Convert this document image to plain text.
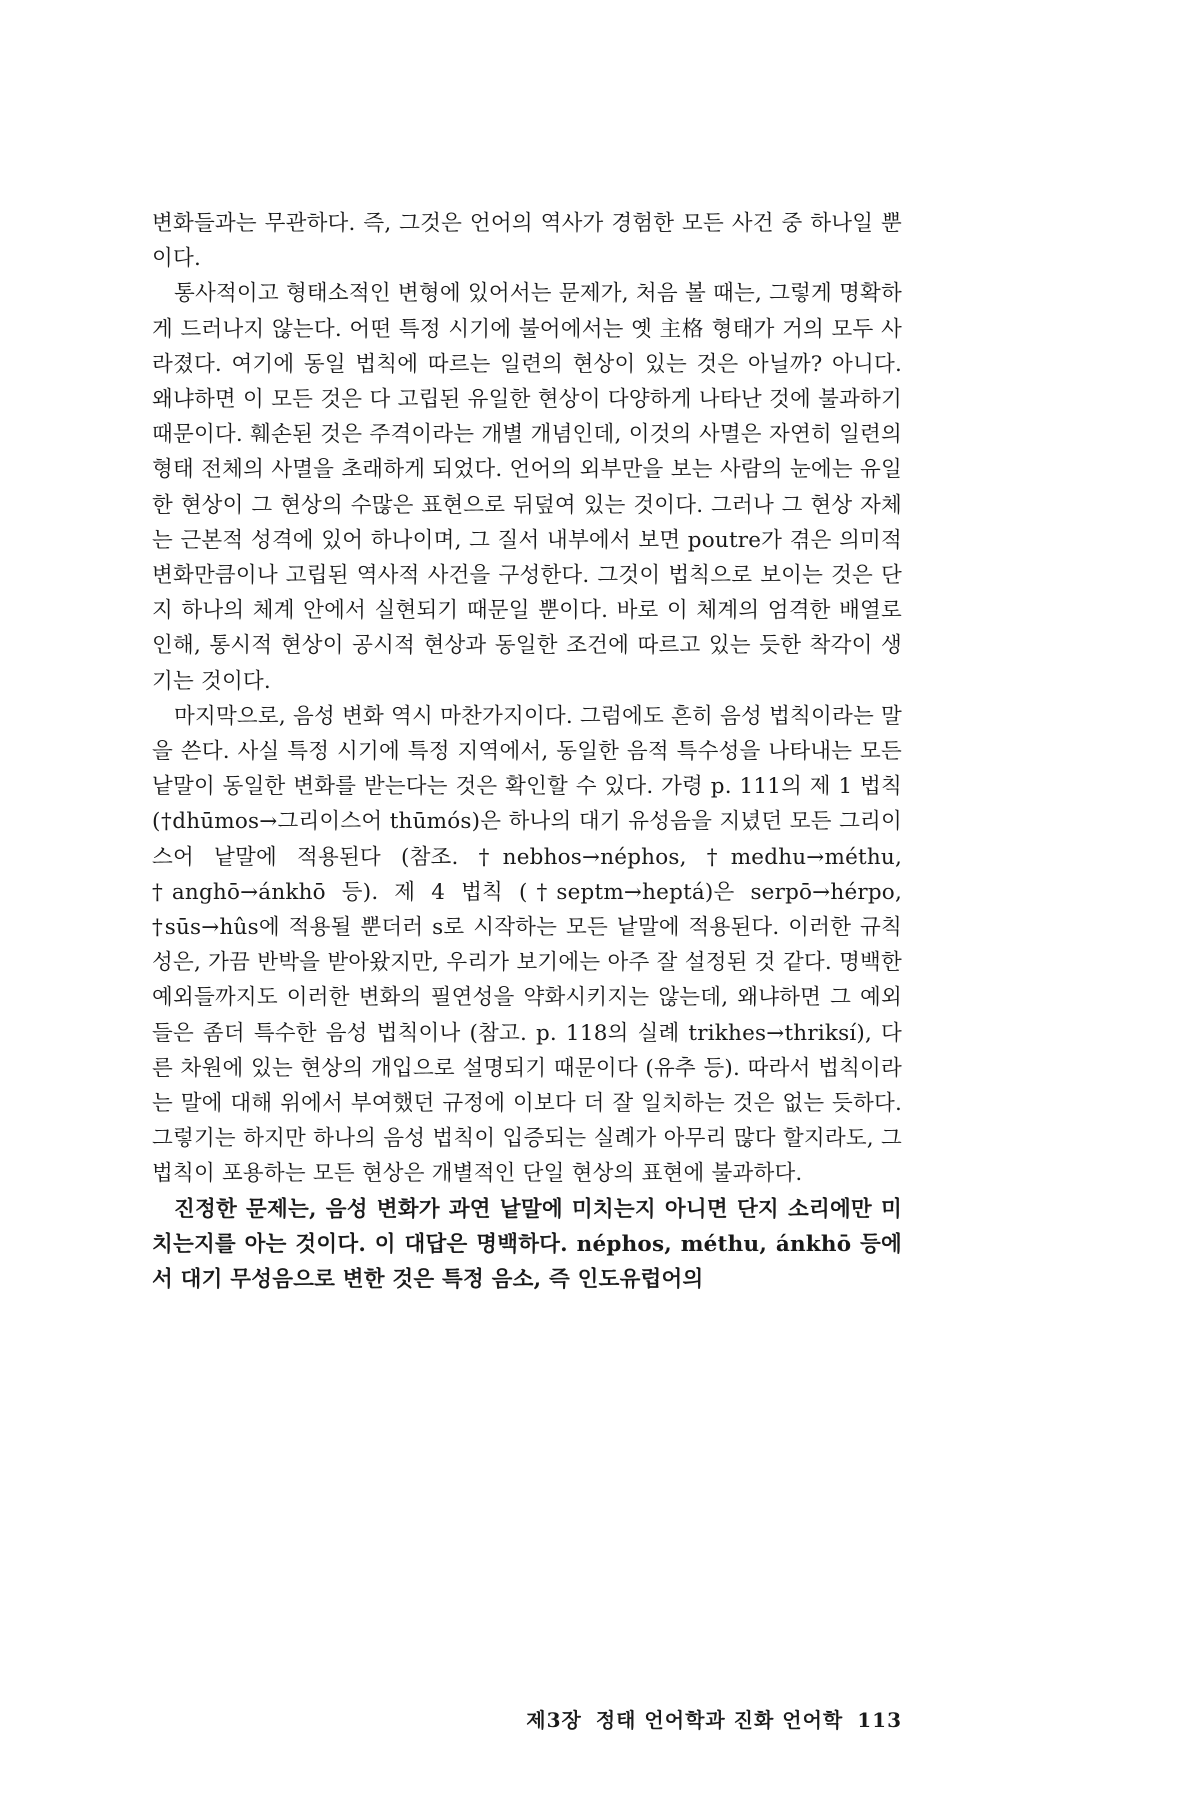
변화들과는 무관하다. 즉, 그것은 언어의 역사가 경험한 모든 사건 중 하나일 뿐이다.

통사적이고 형태소적인 변형에 있어서는 문제가, 처음 볼 때는, 그렇게 명확하게 드러나지 않는다. 어떤 특정 시기에 불어에서는 옛 主格 형태가 거의 모두 사라졌다. 여기에 동일 법칙에 따르는 일련의 현상이 있는 것은 아닐까? 아니다. 왜냐하면 이 모든 것은 다 고립된 유일한 현상이 다양하게 나타난 것에 불과하기 때문이다. 훼손된 것은 주격이라는 개별 개념인데, 이것의 사멸은 자연히 일련의 형태 전체의 사멸을 초래하게 되었다. 언어의 외부만을 보는 사람의 눈에는 유일한 현상이 그 현상의 수많은 표현으로 뒤덮여 있는 것이다. 그러나 그 현상 자체는 근본적 성격에 있어 하나이며, 그 질서 내부에서 보면 poutre가 겪은 의미적 변화만큼이나 고립된 역사적 사건을 구성한다. 그것이 법칙으로 보이는 것은 단지 하나의 체계 안에서 실현되기 때문일 뿐이다. 바로 이 체계의 엄격한 배열로 인해, 통시적 현상이 공시적 현상과 동일한 조건에 따르고 있는 듯한 착각이 생기는 것이다.

마지막으로, 음성 변화 역시 마찬가지이다. 그럼에도 흔히 음성 법칙이라는 말을 쓴다. 사실 특정 시기에 특정 지역에서, 동일한 음적 특수성을 나타내는 모든 낱말이 동일한 변화를 받는다는 것은 확인할 수 있다. 가령 p. 111의 제 1 법칙 (†dhūmos→그리이스어 thūmós)은 하나의 대기 유성음을 지녔던 모든 그리이스어 낱말에 적용된다 (참조. †nebhos→néphos, †medhu→méthu, †anghō→ánkhō 등). 제 4 법칙 (†septm→heptá)은 serpō→hérpo, †sūs→hûs에 적용될 뿐더러 s로 시작하는 모든 낱말에 적용된다. 이러한 규칙성은, 가끔 반박을 받아왔지만, 우리가 보기에는 아주 잘 설정된 것 같다. 명백한 예외들까지도 이러한 변화의 필연성을 약화시키지는 않는데, 왜냐하면 그 예외들은 좀더 특수한 음성 법칙이나 (참고. p. 118의 실례 trikhes→thriksí), 다른 차원에 있는 현상의 개입으로 설명되기 때문이다 (유추 등). 따라서 법칙이라는 말에 대해 위에서 부여했던 규정에 이보다 더 잘 일치하는 것은 없는 듯하다. 그렇기는 하지만 하나의 음성 법칙이 입증되는 실례가 아무리 많다 할지라도, 그 법칙이 포용하는 모든 현상은 개별적인 단일 현상의 표현에 불과하다.

진정한 문제는, 음성 변화가 과연 낱말에 미치는지 아니면 단지 소리에만 미치는지를 아는 것이다. 이 대답은 명백하다. néphos, méthu, ánkhō 등에서 대기 무성음으로 변한 것은 특정 음소, 즉 인도유럽어의

제3장 정태 언어학과 진화 언어학 113
